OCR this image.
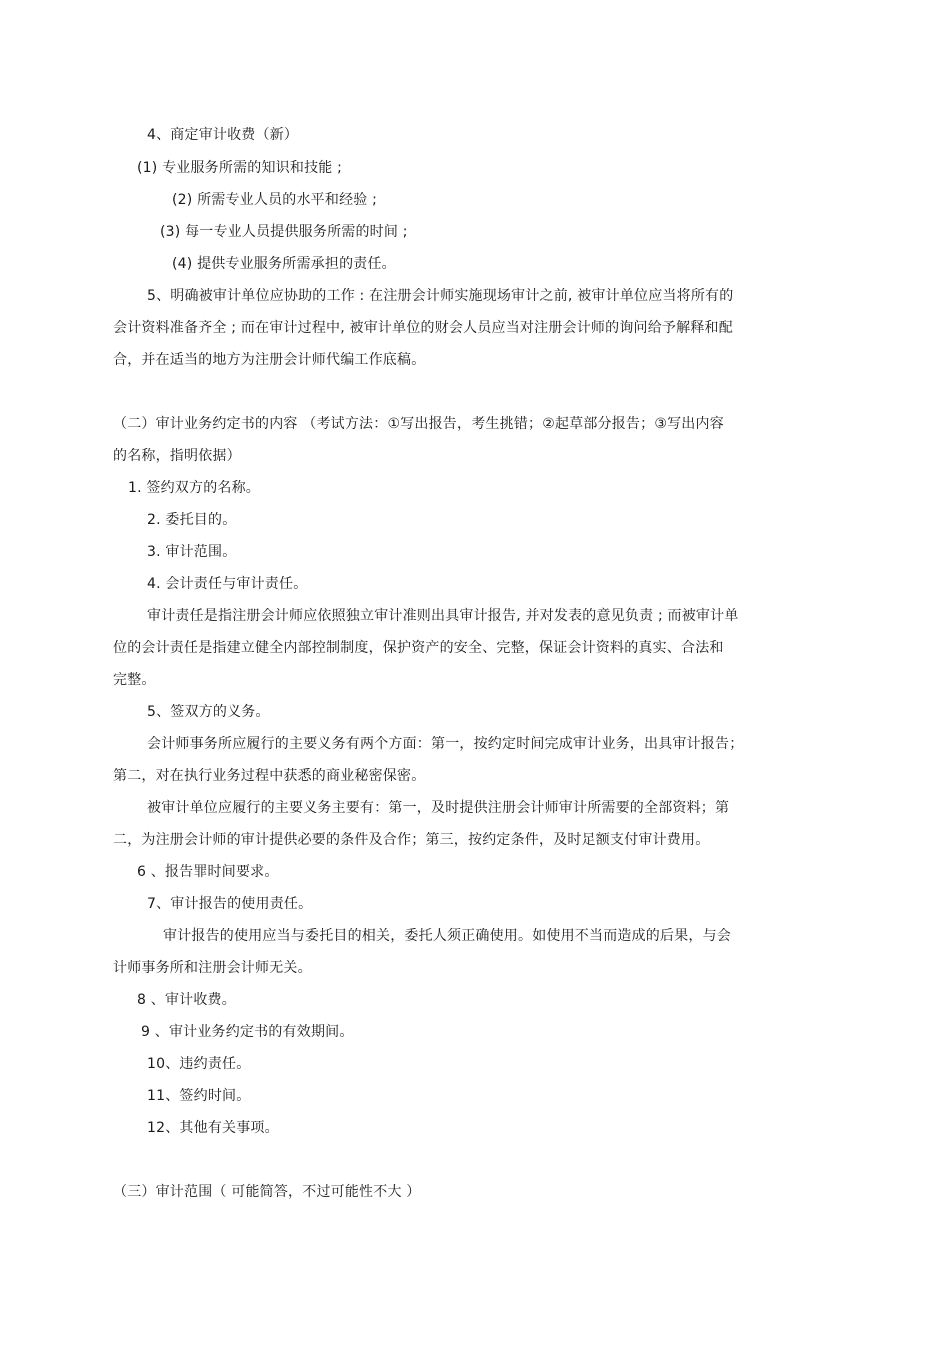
4、商定审计收费（新）
(1) 专业服务所需的知识和技能 ;
(2) 所需专业人员的水平和经验 ;
(3) 每一专业人员提供服务所需的时间 ;
(4) 提供专业服务所需承担的责任。
5、明确被审计单位应协助的工作 : 在注册会计师实施现场审计之前, 被审计单位应当将所有的
会计资料准备齐全 ; 而在审计过程中, 被审计单位的财会人员应当对注册会计师的询问给予解释和配
合，并在适当的地方为注册会计师代编工作底稿。
（二）审计业务约定书的内容 （考试方法：①写出报告，考生挑错；②起草部分报告；③写出内容
的名称，指明依据）
1. 签约双方的名称。
2. 委托目的。
3. 审计范围。
4. 会计责任与审计责任。
审计责任是指注册会计师应依照独立审计准则出具审计报告, 并对发表的意见负责 ; 而被审计单
位的会计责任是指建立健全内部控制制度，保护资产的安全、完整，保证会计资料的真实、合法和
完整。
5、签双方的义务。
会计师事务所应履行的主要义务有两个方面：第一，按约定时间完成审计业务，出具审计报告；
第二，对在执行业务过程中获悉的商业秘密保密。
被审计单位应履行的主要义务主要有：第一，及时提供注册会计师审计所需要的全部资料；第
二，为注册会计师的审计提供必要的条件及合作；第三，按约定条件，及时足额支付审计费用。
6 、报告罪时间要求。
7、审计报告的使用责任。
审计报告的使用应当与委托目的相关，委托人须正确使用。如使用不当而造成的后果，与会
计师事务所和注册会计师无关。
8 、审计收费。
9 、审计业务约定书的有效期间。
10、违约责任。
11、签约时间。
12、其他有关事项。
（三）审计范围（ 可能简答，不过可能性不大 ）
